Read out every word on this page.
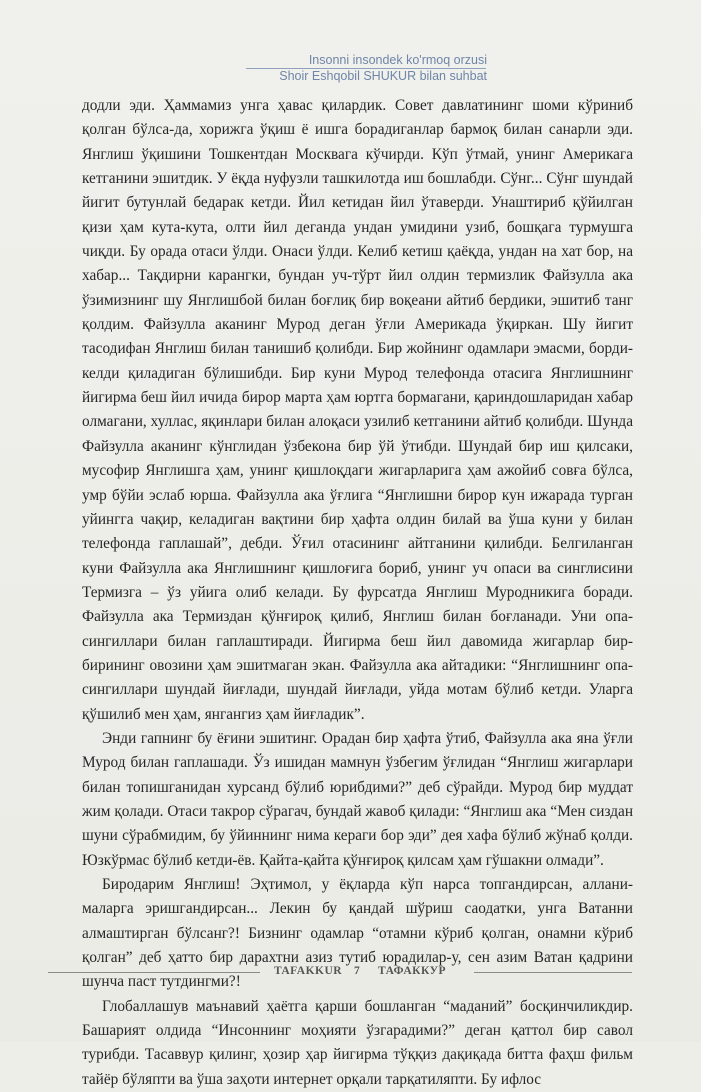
Insonni insondek ko'rmoq orzusi
Shoir Eshqobil SHUKUR bilan suhbat

додли эди. Ҳаммамиз унга ҳавас қилардик. Совет давлатининг шоми кўриниб қолган бўлса-да, хорижга ўқиш ё ишга борадиганлар бармоқ билан санарли эди. Янглиш ўқишини Тошкентдан Москвага кўчирди. Кўп ўтмай, унинг Америкага кетганини эшитдик. У ёқда нуфузли ташкилотда иш бошлабди. Сўнг... Сўнг шундай йигит бутунлай бедарак кетди. Йил кетидан йил ўтаверди. Унаштириб қўйилган қизи ҳам кута-кута, олти йил деганда ундан умидини узиб, бошқага турмушга чиқди. Бу орада отаси ўлди. Онаси ўлди. Келиб кетиш қаёқда, ундан на хат бор, на хабар... Тақдирни карангки, бундан уч-тўрт йил олдин термизлик Файзулла ака ўзимизнинг шу Янглишбой билан боғлиқ бир воқеани айтиб бердики, эшитиб танг қолдим. Файзулла аканинг Мурод деган ўғли Америкада ўқиркан. Шу йигит тасодифан Янглиш билан танишиб қолибди. Бир жойнинг одамлари эмасми, борди-келди қиладиган бўлишибди. Бир куни Мурод телефонда отасига Янглишнинг йигирма беш йил ичида бирор марта ҳам юртга бормагани, қариндошларидан хабар олмагани, хуллас, яқинлари билан алоқаси узилиб кетганини айтиб қолибди. Шунда Файзулла аканинг кўнглидан ўзбекона бир ўй ўтибди. Шундай бир иш қилсаки, мусофир Янглишга ҳам, унинг қишлоқдаги жигарларига ҳам ажойиб совға бўлса, умр бўйи эслаб юрша. Файзулла ака ўғлига “Янглишни бирор кун ижарада турган уйингга чақир, келадиган вақтини бир ҳафта олдин билай ва ўша куни у билан телефонда гаплашай”, дебди. Ўғил отасининг айтганини қилибди. Белгиланган куни Файзулла ака Янглишнинг қишлоғига бориб, унинг уч опаси ва синглисини Термизга – ўз уйига олиб келади. Бу фурсатда Янглиш Муродникига боради. Файзулла ака Термиздан қўнғироқ қилиб, Янглиш билан боғланади. Уни опа-сингиллари билан гаплаштиради. Йигирма беш йил давомида жигарлар бир-бирининг овозини ҳам эшитмаган экан. Файзулла ака айтадики: “Янглишнинг опа-сингиллари шундай йиғлади, шундай йиғлади, уйда мотам бўлиб кетди. Уларга қўшилиб мен ҳам, янгангиз ҳам йиғладик”.

Энди гапнинг бу ёғини эшитинг. Орадан бир ҳафта ўтиб, Файзулла ака яна ўғли Мурод билан гаплашади. Ўз ишидан мамнун ўзбегим ўғлидан “Янглиш жигарлари билан топишганидан хурсанд бўлиб юрибдими?” деб сўрайди. Мурод бир муддат жим қолади. Отаси такрор сўрагач, бундай жавоб қилади: “Янглиш ака “Мен сиздан шуни сўрабмидим, бу ўйиннинг нима кераги бор эди” дея хафа бўлиб жўнаб қолди. Юзкўрмас бўлиб кетди-ёв. Қайта-қайта қўнғироқ қилсам ҳам гўшакни олмади”.

Биродарим Янглиш! Эҳтимол, у ёқларда кўп нарса топгандирсан, аллани-маларга эришгандирсан... Лекин бу қандай шўриш саодатки, унга Ватанни алмаштирган бўлсанг?! Бизнинг одамлар “отамни кўриб қолган, онамни кўриб қолган” деб ҳатто бир дарахтни азиз тутиб юрадилар-у, сен азим Ватан қадрини шунча паст тутдингми?!

Глобаллашув маънавий ҳаётга қарши бошланган “маданий” босқинчиликдир. Башарият олдида “Инсоннинг моҳияти ўзгарадими?” деган қаттол бир савол турибди. Тасаввур қилинг, ҳозир ҳар йигирма тўққиз дақиқада битта фаҳш фильм тайёр бўляпти ва ўша заҳоти интернет орқали тарқатиляпти. Бу ифлос

TAFAKKUR 7 ТАФАККУР
